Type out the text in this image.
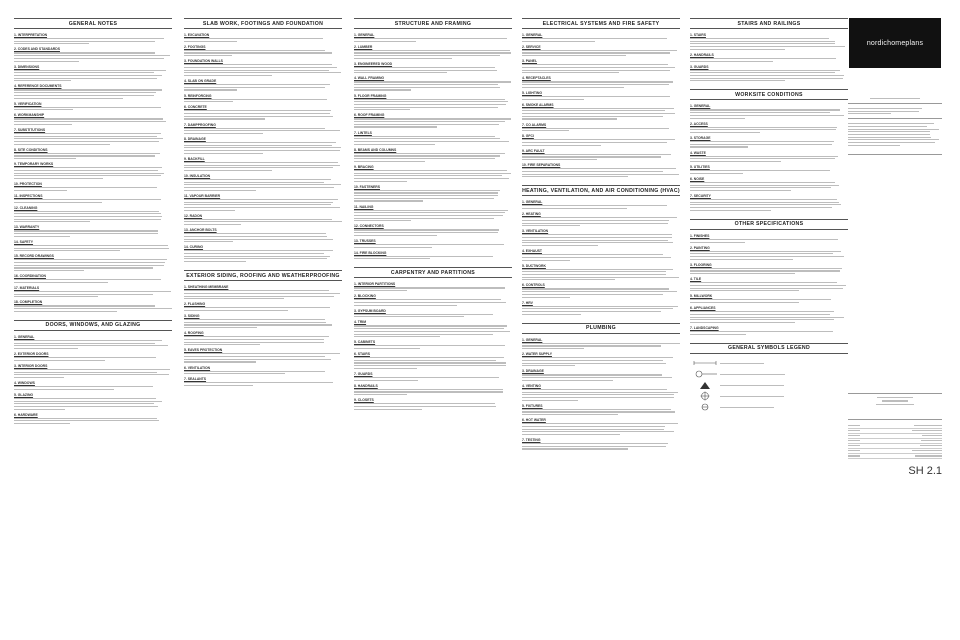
GENERAL NOTES
1. INTERPRETATION
2. CODES AND STANDARDS
3. DIMENSIONS
4. REFERENCE DOCUMENTS
5. VERIFICATION
6. WORKMANSHIP
7. SUBSTITUTIONS
8. SITE CONDITIONS
9. TEMPORARY WORKS
10. PROTECTION
11. INSPECTIONS
12. CLEANING
13. WARRANTY
14. SAFETY
15. RECORD DRAWINGS
16. COORDINATION
17. MATERIALS
18. COMPLETION
DOORS, WINDOWS, AND GLAZING
1. GENERAL
2. EXTERIOR DOORS
3. INTERIOR DOORS
4. WINDOWS
5. GLAZING
6. HARDWARE
SLAB WORK, FOOTINGS AND FOUNDATION
1. EXCAVATION
2. FOOTINGS
3. FOUNDATION WALLS
4. SLAB ON GRADE
5. REINFORCING
6. CONCRETE
7. DAMPPROOFING
8. DRAINAGE
9. BACKFILL
10. INSULATION
11. VAPOUR BARRIER
12. RADON
13. ANCHOR BOLTS
14. CURING
EXTERIOR SIDING, ROOFING AND WEATHERPROOFING
1. SHEATHING MEMBRANE
2. FLASHING
3. SIDING
4. ROOFING
5. EAVES PROTECTION
6. VENTILATION
7. SEALANTS
STRUCTURE AND FRAMING
1. GENERAL
2. LUMBER
3. ENGINEERED WOOD
4. WALL FRAMING
5. FLOOR FRAMING
6. ROOF FRAMING
7. LINTELS
8. BEAMS AND COLUMNS
9. BRACING
10. FASTENERS
11. NAILING
12. CONNECTORS
13. TRUSSES
14. FIRE BLOCKING
CARPENTRY AND PARTITIONS
1. INTERIOR PARTITIONS
2. BLOCKING
3. GYPSUM BOARD
4. TRIM
5. CABINETS
6. STAIRS
7. GUARDS
8. HANDRAILS
9. CLOSETS
ELECTRICAL SYSTEMS AND FIRE SAFETY
1. GENERAL
2. SERVICE
3. PANEL
4. RECEPTACLES
5. LIGHTING
6. SMOKE ALARMS
7. CO ALARMS
8. GFCI
9. ARC FAULT
10. FIRE SEPARATIONS
HEATING, VENTILATION, AND AIR CONDITIONING (HVAC)
1. GENERAL
2. HEATING
3. VENTILATION
4. EXHAUST
5. DUCTWORK
6. CONTROLS
7. HRV
PLUMBING
1. GENERAL
2. WATER SUPPLY
3. DRAINAGE
4. VENTING
5. FIXTURES
6. HOT WATER
7. TESTING
STAIRS AND RAILINGS
1. STAIRS
2. HANDRAILS
3. GUARDS
WORKSITE CONDITIONS
1. GENERAL
2. ACCESS
3. STORAGE
4. WASTE
5. UTILITIES
6. NOISE
7. SECURITY
OTHER SPECIFICATIONS
1. FINISHES
2. PAINTING
3. FLOORING
4. TILE
5. MILLWORK
6. APPLIANCES
7. LANDSCAPING
GENERAL SYMBOLS LEGEND
nordichomeplans
SH 2.1
